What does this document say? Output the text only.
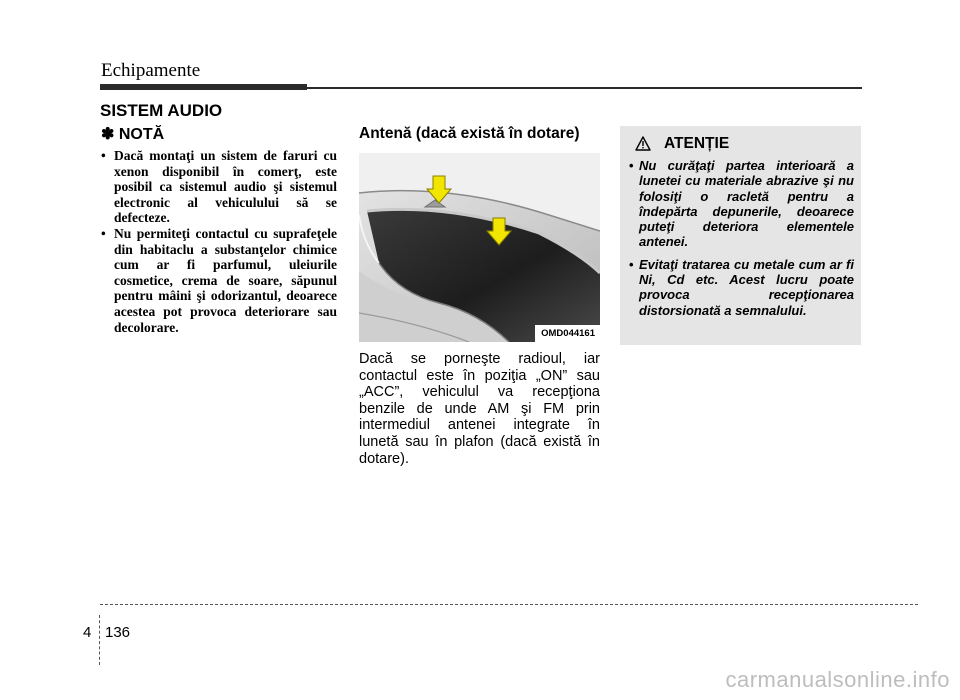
Echipamente
SISTEM AUDIO
✽ NOTĂ
• Dacă montaţi un sistem de faruri cu xenon disponibil în comerţ, este posibil ca sistemul audio şi sistemul electronic al vehiculului să se defecteze.
• Nu permiteţi contactul cu suprafeţele din habitaclu a substanţelor chimice cum ar fi parfumul, uleiurile cosmetice, crema de soare, săpunul pentru mâini şi odorizantul, deoarece acestea pot provoca deteriorare sau decolorare.
Antenă (dacă există în dotare)
OMD044161

Dacă se porneşte radioul, iar contactul este în poziţia „ON” sau „ACC”, vehiculul va recepţiona benzile de unde AM şi FM prin intermediul antenei integrate în lunetă sau în plafon (dacă există în dotare).

ATENȚIE
• Nu curăţaţi partea interioară a lunetei cu materiale abrazive şi nu folosiţi o racletă pentru a îndepărta depunerile, deoarece puteţi deteriora elementele antenei.
• Evitaţi tratarea cu metale cum ar fi Ni, Cd etc. Acest lucru poate provoca recepţionarea distorsionată a semnalului.
4 136
carmanualsonline.info
